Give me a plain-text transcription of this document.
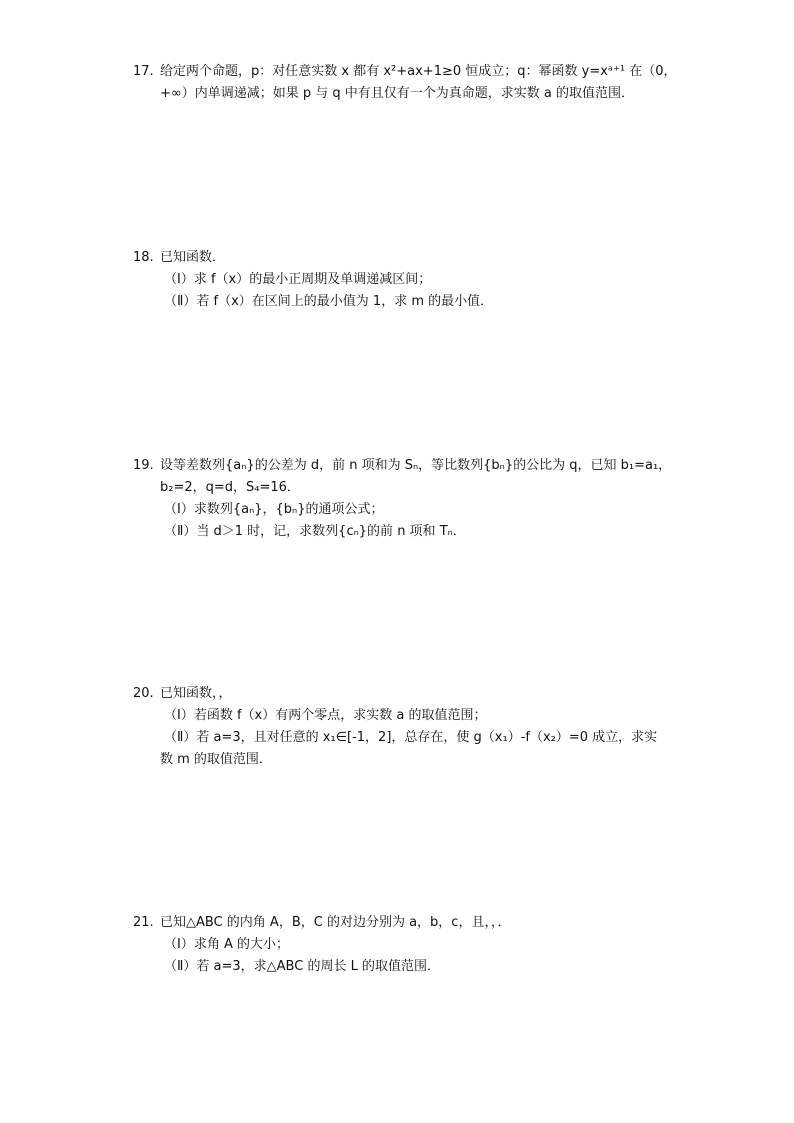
17. 给定两个命题，p：对任意实数 x 都有 x²+ax+1≥0 恒成立；q：幂函数 y=xᵃ⁺¹ 在（0，
+∞）内单调递减；如果 p 与 q 中有且仅有一个为真命题，求实数 a 的取值范围．
18. 已知函数．
（Ⅰ）求 f（x）的最小正周期及单调递减区间；
（Ⅱ）若 f（x）在区间上的最小值为 1，求 m 的最小值．
19. 设等差数列{aₙ}的公差为 d，前 n 项和为 Sₙ，等比数列{bₙ}的公比为 q，已知 b₁=a₁，
b₂=2，q=d，S₄=16．
（Ⅰ）求数列{aₙ}，{bₙ}的通项公式；
（Ⅱ）当 d＞1 时，记，求数列{cₙ}的前 n 项和 Tₙ．
20. 已知函数，，
（Ⅰ）若函数 f（x）有两个零点，求实数 a 的取值范围；
（Ⅱ）若 a=3，且对任意的 x₁∈[-1，2]，总存在，使 g（x₁）-f（x₂）=0 成立，求实
数 m 的取值范围．
21. 已知△ABC 的内角 A，B，C 的对边分别为 a，b，c，且，，．
（Ⅰ）求角 A 的大小；
（Ⅱ）若 a=3，求△ABC 的周长 L 的取值范围．
